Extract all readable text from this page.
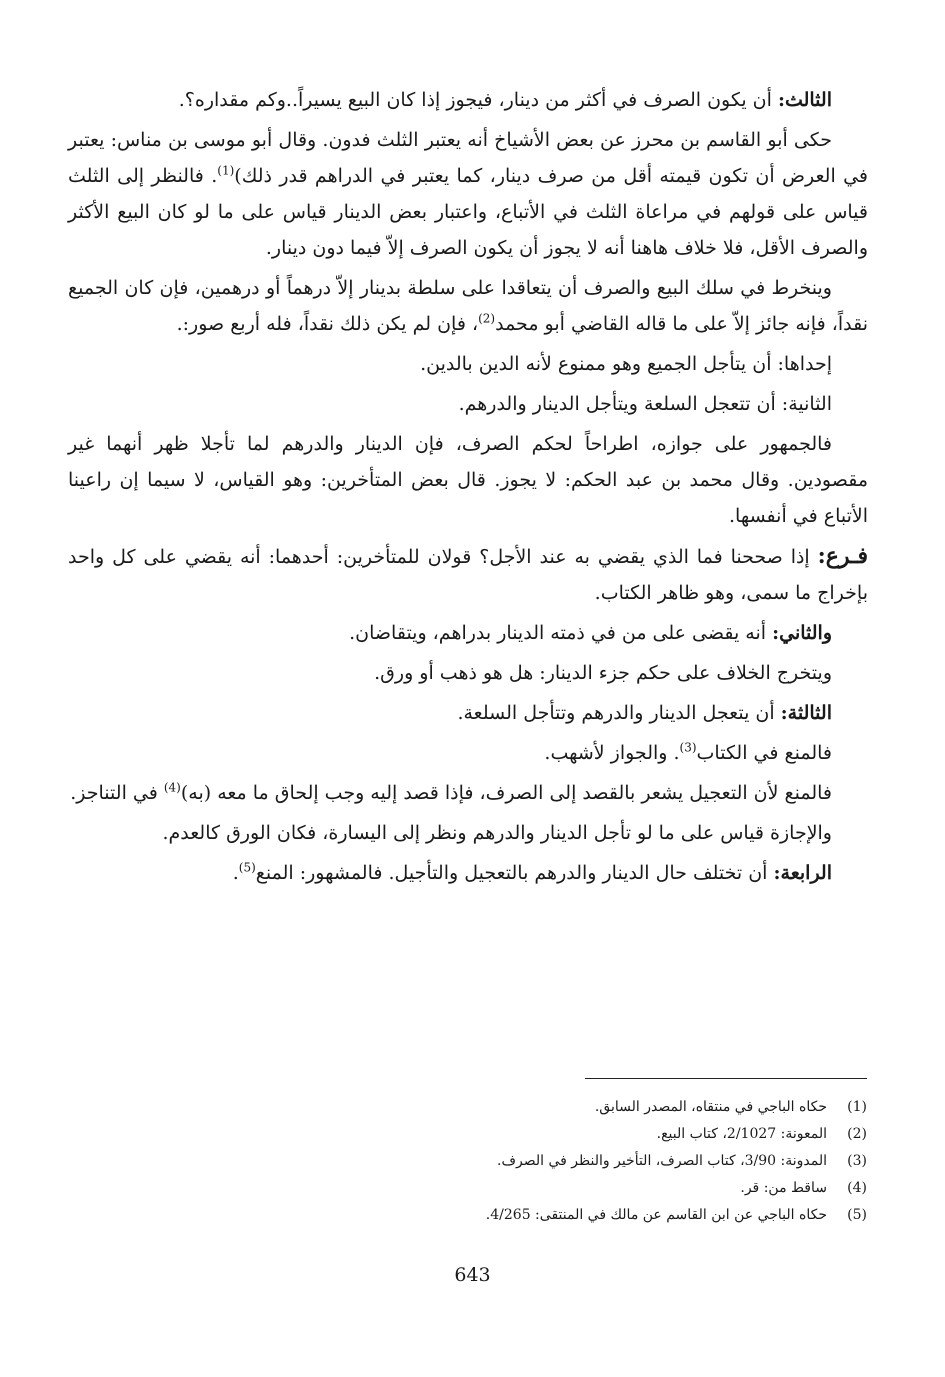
الثالث: أن يكون الصرف في أكثر من دينار، فيجوز إذا كان البيع يسيراً..وكم مقداره؟.

حكى أبو القاسم بن محرز عن بعض الأشياخ أنه يعتبر الثلث فدون. وقال أبو موسى بن مناس: يعتبر في العرض أن تكون قيمته أقل من صرف دينار، كما يعتبر في الدراهم قدر ذلك)$^{(1)}$. فالنظر إلى الثلث قياس على قولهم في مراعاة الثلث في الأتباع، واعتبار بعض الدينار قياس على ما لو كان البيع الأكثر والصرف الأقل، فلا خلاف هاهنا أنه لا يجوز أن يكون الصرف إلاّ فيما دون دينار.

وينخرط في سلك البيع والصرف أن يتعاقدا على سلطة بدينار إلاّ درهماً أو درهمين، فإن كان الجميع نقداً، فإنه جائز إلاّ على ما قاله القاضي أبو محمد$^{(2)}$، فإن لم يكن ذلك نقداً، فله أربع صور:.

إحداها: أن يتأجل الجميع وهو ممنوع لأنه الدين بالدين.

الثانية: أن تتعجل السلعة ويتأجل الدينار والدرهم.

فالجمهور على جوازه، اطراحاً لحكم الصرف، فإن الدينار والدرهم لما تأجلا ظهر أنهما غير مقصودين. وقال محمد بن عبد الحكم: لا يجوز. قال بعض المتأخرين: وهو القياس، لا سيما إن راعينا الأتباع في أنفسها.

فـرع: إذا صححنا فما الذي يقضي به عند الأجل؟ قولان للمتأخرين: أحدهما: أنه يقضي على كل واحد بإخراج ما سمى، وهو ظاهر الكتاب.

والثاني: أنه يقضى على من في ذمته الدينار بدراهم، ويتقاضان.

ويتخرج الخلاف على حكم جزء الدينار: هل هو ذهب أو ورق.

الثالثة: أن يتعجل الدينار والدرهم وتتأجل السلعة.

فالمنع في الكتاب$^{(3)}$. والجواز لأشهب.

فالمنع لأن التعجيل يشعر بالقصد إلى الصرف، فإذا قصد إليه وجب إلحاق ما معه (به)$^{(4)}$ في التناجز.

والإجازة قياس على ما لو تأجل الدينار والدرهم ونظر إلى اليسارة، فكان الورق كالعدم.

الرابعة: أن تختلف حال الدينار والدرهم بالتعجيل والتأجيل. فالمشهور: المنع$^{(5)}$.

(1)
حكاه الباجي في منتقاه، المصدر السابق.
(2)
المعونة: 2/1027، كتاب البيع.
(3)
المدونة: 3/90، كتاب الصرف، التأخير والنظر في الصرف.
(4)
ساقط من: قر.
(5)
حكاه الباجي عن ابن القاسم عن مالك في المنتقى: 4/265.
643
